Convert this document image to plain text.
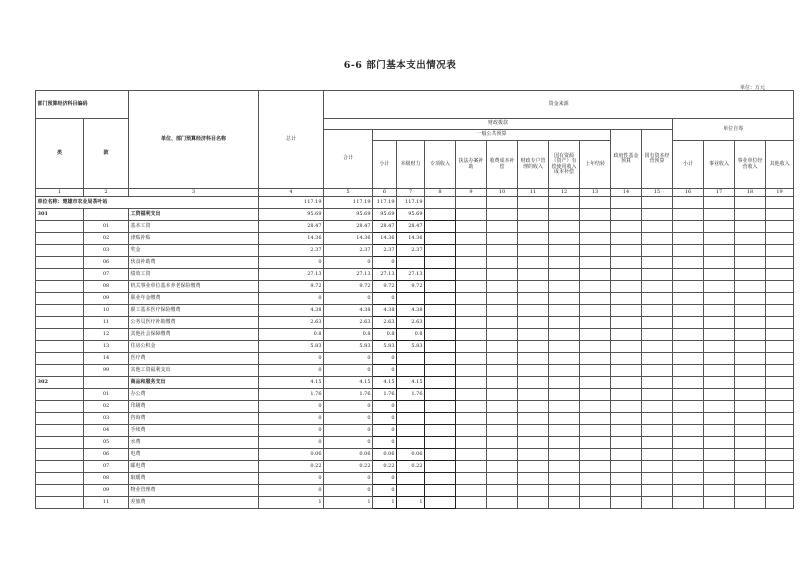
6-6 部门基本支出情况表
单位：万元
部门预算经济科目编码		单位、部门预算经济科目名称	总计	资金来源														
类	款			财政拨款											单位自筹			
				合计	一般公共预算								政府性基金预算	国有资本经营预算				
					小计	本级财力	专项收入	执法办案补助	收费成本补偿	财政专户管理的收入	国有资源（资产）有偿使用收入成本补偿	上年结转			小计	事业收入	事业单位经营收入	其他收入
1	2	3	4	5	6	7	8	9	10	11	12	13	14	15	16	17	18	19
单位名称：楚雄市农业局茶叶站			117.19	117.19	117.19	117.19												
301		工资福利支出	95.69	95.69	95.69	95.69												
	01	基本工资	28.47	28.47	28.47	28.47												
	02	津贴补贴	14.36	14.36	14.36	14.36												
	03	奖金	2.37	2.37	2.37	2.37												
	06	伙食补助费	0	0	0													
	07	绩效工资	27.13	27.13	27.13	27.13												
	08	机关事业单位基本养老保险缴费	9.72	9.72	9.72	9.72												
	09	职业年金缴费	0	0	0													
	10	职工基本医疗保险缴费	4.38	4.38	4.38	4.38												
	11	公务员医疗补助缴费	2.63	2.63	2.63	2.63												
	12	其他社会保障缴费	0.8	0.8	0.8	0.8												
	13	住房公积金	5.83	5.83	5.83	5.83												
	14	医疗费	0	0	0													
	99	其他工资福利支出	0	0	0													
302		商品和服务支出	4.15	4.15	4.15	4.15												
	01	办公费	1.76	1.76	1.76	1.76												
	02	印刷费	0	0	0													
	03	咨询费	0	0	0													
	04	手续费	0	0	0													
	05	水费	0	0	0													
	06	电费	0.06	0.06	0.06	0.06												
	07	邮电费	0.22	0.22	0.22	0.22												
	08	取暖费	0	0	0													
	09	物业管理费	0	0	0													
	11	差旅费	1	1	1	1												
